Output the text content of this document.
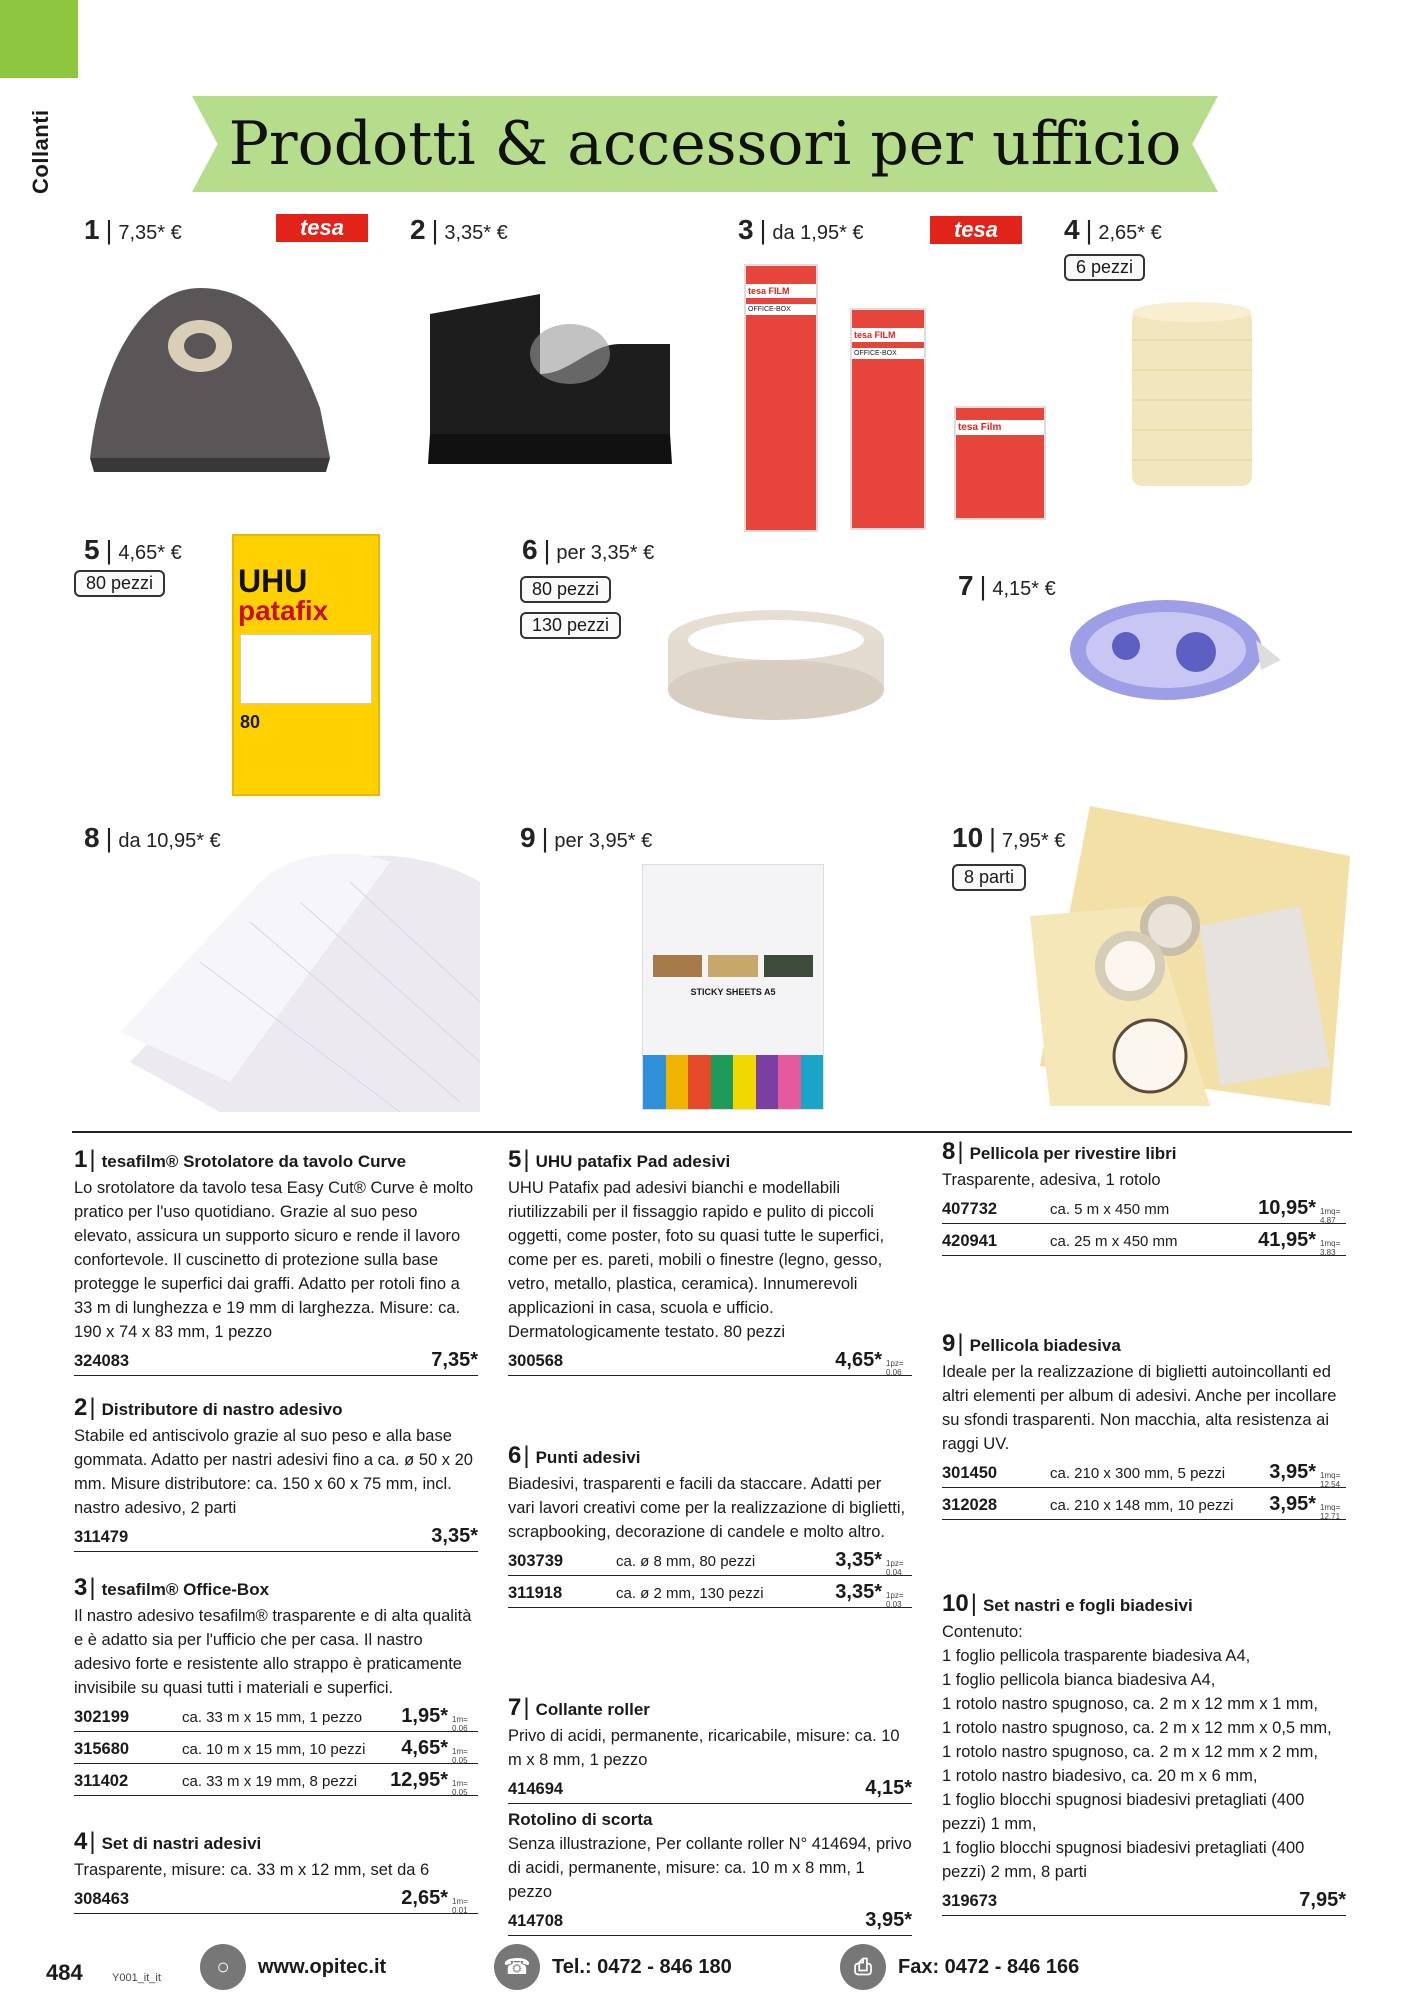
Collanti	Prodotti & accessori per ufficio
1 | 7,35* €	tesa	2 | 3,35* €	3 | da 1,95* €	tesa	4 | 2,65* €
6 pezzi
tesa FILM
OFFICE-BOX
tesa FILM
OFFICE-BOX
tesa Film
5 | 4,65* €
80 pezzi
6 | per 3,35* €
80 pezzi
130 pezzi
7 | 4,15* €
UHU
patafix
80
8 | da 10,95* €	9 | per 3,95* €	10 | 7,95* €
8 parti
STICKY SHEETS A5
1 | tesafilm® Srotolatore da tavolo Curve

Lo srotolatore da tavolo tesa Easy Cut® Curve è molto pratico per l'uso quotidiano. Grazie al suo peso elevato, assicura un supporto sicuro e rende il lavoro confortevole. Il cuscinetto di protezione sulla base protegge le superfici dai graffi. Adatto per rotoli fino a 33 m di lunghezza e 19 mm di larghezza. Misure: ca. 190 x 74 x 83 mm, 1 pezzo

324083	7,35*
2 | Distributore di nastro adesivo

Stabile ed antiscivolo grazie al suo peso e alla base gommata. Adatto per nastri adesivi fino a ca. ø 50 x 20 mm. Misure distributore: ca. 150 x 60 x 75 mm, incl. nastro adesivo, 2 parti

311479	3,35*
3 | tesafilm® Office-Box

Il nastro adesivo tesafilm® trasparente e di alta qualità e è adatto sia per l'ufficio che per casa. Il nastro adesivo forte e resistente allo strappo è praticamente invisibile su quasi tutti i materiali e superfici.

302199	ca. 33 m x 15 mm, 1 pezzo	1,95* 1m= 0,06
315680	ca. 10 m x 15 mm, 10 pezzi	4,65* 1m= 0,05
311402	ca. 33 m x 19 mm, 8 pezzi	12,95* 1m= 0,05
4 | Set di nastri adesivi

Trasparente, misure: ca. 33 m x 12 mm, set da 6

308463	2,65* 1m= 0,01
5 | UHU patafix Pad adesivi

UHU Patafix pad adesivi bianchi e modellabili riutilizzabili per il fissaggio rapido e pulito di piccoli oggetti, come poster, foto su quasi tutte le superfici, come per es. pareti, mobili o finestre (legno, gesso, vetro, metallo, plastica, ceramica). Innumerevoli applicazioni in casa, scuola e ufficio. Dermatologicamente testato. 80 pezzi

300568	4,65* 1pz= 0,06
6 | Punti adesivi

Biadesivi, trasparenti e facili da staccare. Adatti per vari lavori creativi come per la realizzazione di biglietti, scrapbooking, decorazione di candele e molto altro.

303739	ca. ø 8 mm, 80 pezzi	3,35* 1pz= 0,04
311918	ca. ø 2 mm, 130 pezzi	3,35* 1pz= 0,03
7 | Collante roller

Privo di acidi, permanente, ricaricabile, misure: ca. 10 m x 8 mm, 1 pezzo

414694	4,15*
Rotolino di scorta

Senza illustrazione, Per collante roller N° 414694, privo di acidi, permanente, misure: ca. 10 m x 8 mm, 1 pezzo

414708	3,95*
8 | Pellicola per rivestire libri

Trasparente, adesiva, 1 rotolo

407732	ca. 5 m x 450 mm	10,95* 1mq= 4,87
420941	ca. 25 m x 450 mm	41,95* 1mq= 3,83
9 | Pellicola biadesiva

Ideale per la realizzazione di biglietti autoincollanti ed altri elementi per album di adesivi. Anche per incollare su sfondi trasparenti. Non macchia, alta resistenza ai raggi UV.

301450	ca. 210 x 300 mm, 5 pezzi	3,95* 1mq= 12,54
312028	ca. 210 x 148 mm, 10 pezzi	3,95* 1mq= 12,71
10 | Set nastri e fogli biadesivi

Contenuto:

1 foglio pellicola trasparente biadesiva A4,

1 foglio pellicola bianca biadesiva A4,

1 rotolo nastro spugnoso, ca. 2 m x 12 mm x 1 mm,

1 rotolo nastro spugnoso, ca. 2 m x 12 mm x 0,5 mm,

1 rotolo nastro spugnoso, ca. 2 m x 12 mm x 2 mm,

1 rotolo nastro biadesivo, ca. 20 m x 6 mm,

1 foglio blocchi spugnosi biadesivi pretagliati (400 pezzi) 1 mm,

1 foglio blocchi spugnosi biadesivi pretagliati (400 pezzi) 2 mm, 8 parti

319673	7,95*
484	Y001_it_it	○	www.opitec.it	☎	Tel.: 0472 - 846 180	⎙	Fax: 0472 - 846 166
